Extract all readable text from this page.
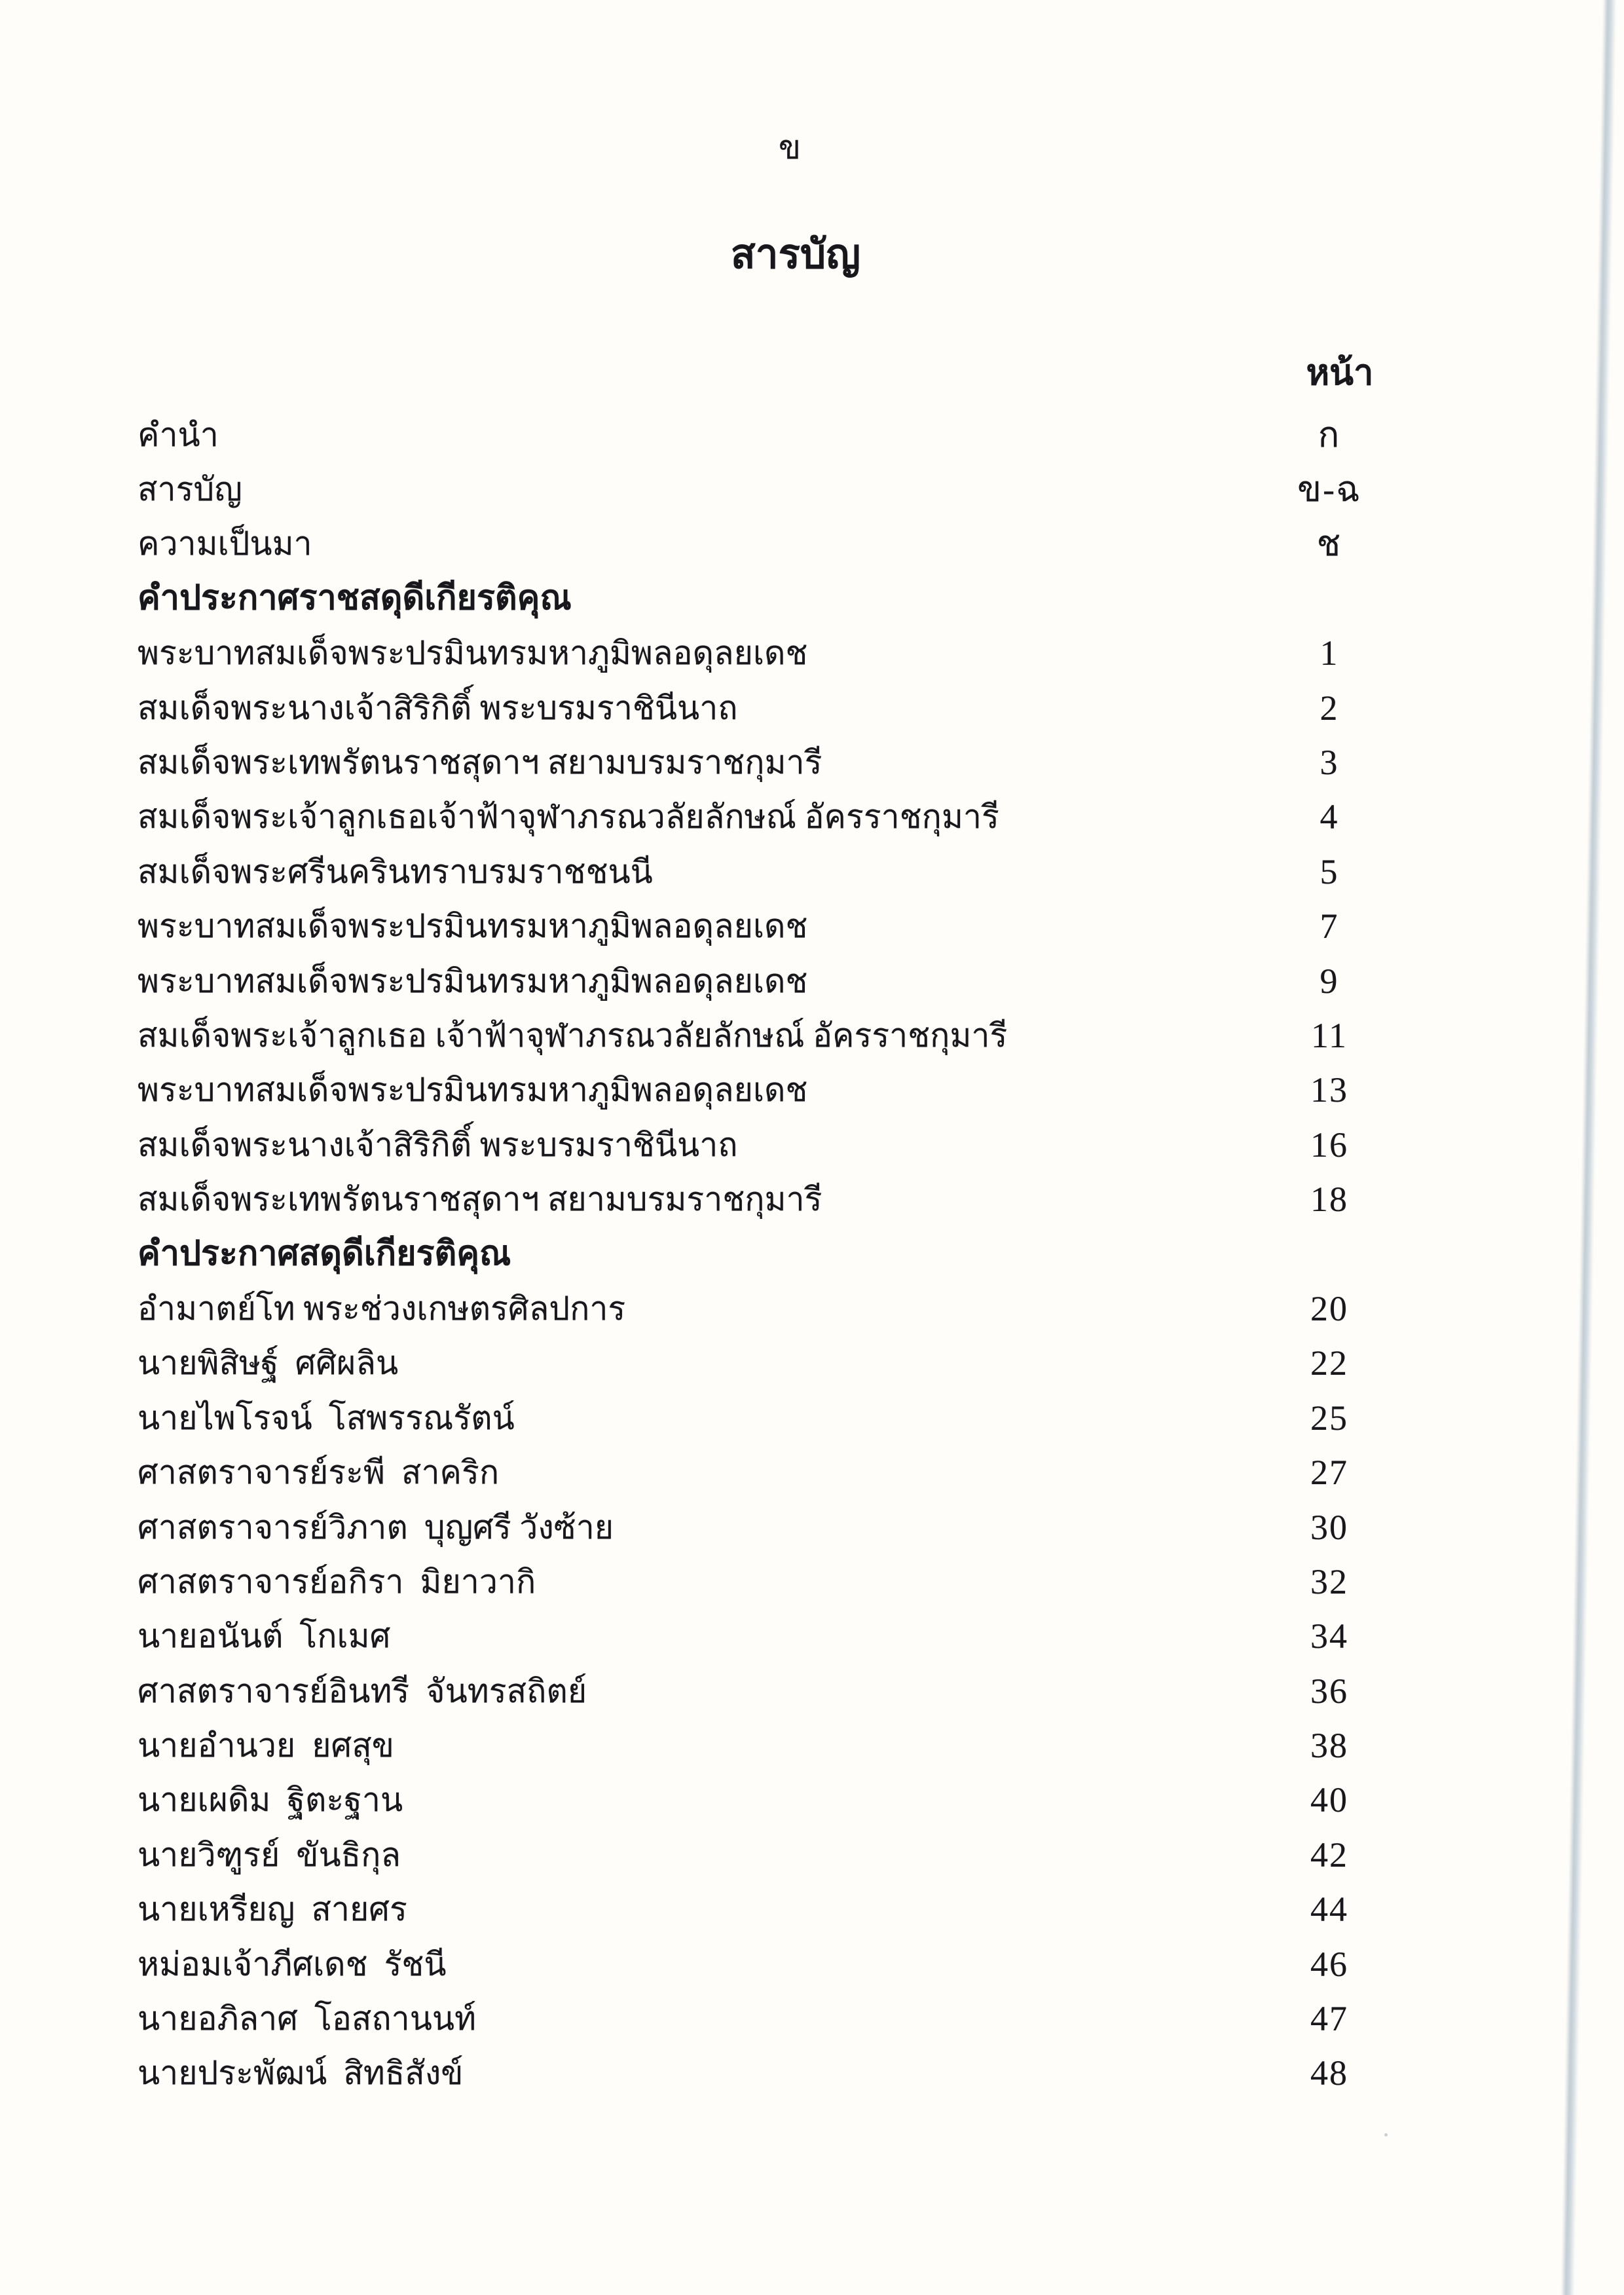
ข
สารบัญ
หน้า
คำนำ	ก
สารบัญ	ข-ฉ
ความเป็นมา	ช
คำประกาศราชสดุดีเกียรติคุณ
พระบาทสมเด็จพระปรมินทรมหาภูมิพลอดุลยเดช	1
สมเด็จพระนางเจ้าสิริกิติ์ พระบรมราชินีนาถ	2
สมเด็จพระเทพรัตนราชสุดาฯ สยามบรมราชกุมารี	3
สมเด็จพระเจ้าลูกเธอเจ้าฟ้าจุฬาภรณวลัยลักษณ์ อัครราชกุมารี	4
สมเด็จพระศรีนครินทราบรมราชชนนี	5
พระบาทสมเด็จพระปรมินทรมหาภูมิพลอดุลยเดช	7
พระบาทสมเด็จพระปรมินทรมหาภูมิพลอดุลยเดช	9
สมเด็จพระเจ้าลูกเธอ เจ้าฟ้าจุฬาภรณวลัยลักษณ์ อัครราชกุมารี	11
พระบาทสมเด็จพระปรมินทรมหาภูมิพลอดุลยเดช	13
สมเด็จพระนางเจ้าสิริกิติ์ พระบรมราชินีนาถ	16
สมเด็จพระเทพรัตนราชสุดาฯ สยามบรมราชกุมารี	18
คำประกาศสดุดีเกียรติคุณ
อำมาตย์โท พระช่วงเกษตรศิลปการ	20
นายพิสิษฐ์  ศศิผลิน	22
นายไพโรจน์  โสพรรณรัตน์	25
ศาสตราจารย์ระพี  สาคริก	27
ศาสตราจารย์วิภาต  บุญศรี วังซ้าย	30
ศาสตราจารย์อกิรา  มิยาวากิ	32
นายอนันต์  โกเมศ	34
ศาสตราจารย์อินทรี  จันทรสถิตย์	36
นายอำนวย  ยศสุข	38
นายเผดิม  ฐิตะฐาน	40
นายวิฑูรย์  ขันธิกุล	42
นายเหรียญ  สายศร	44
หม่อมเจ้าภีศเดช  รัชนี	46
นายอภิลาศ  โอสถานนท์	47
นายประพัฒน์  สิทธิสังข์	48
